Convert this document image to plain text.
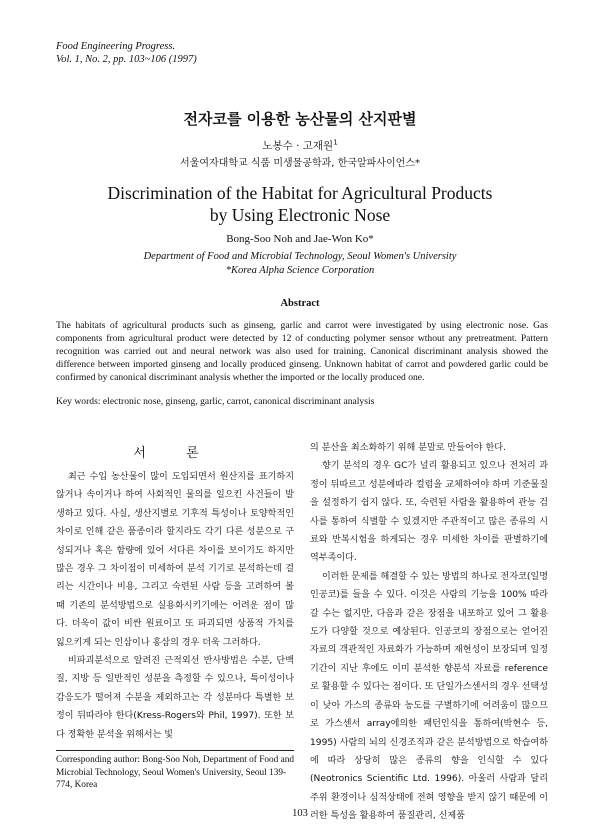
Food Engineering Progress.
Vol. 1, No. 2, pp. 103~106 (1997)
전자코를 이용한 농산물의 산지판별
노봉수 · 고재원$^1$
서울여자대학교 식품 미생물공학과, 한국알파사이언스*
Discrimination of the Habitat for Agricultural Products
by Using Electronic Nose
Bong-Soo Noh and Jae-Won Ko*
Department of Food and Microbial Technology, Seoul Women's University
*Korea Alpha Science Corporation
Abstract

The habitats of agricultural products such as ginseng, garlic and carrot were investigated by using electronic nose. Gas components from agricultural product were detected by 12 of conducting polymer sensor wthout any pretreatment. Pattern recognition was carried out and neural network was also used for training. Canonical discriminant analysis showed the difference between imported ginseng and locally produced ginseng. Unknown habitat of carrot and powdered garlic could be confirmed by canonical discriminant analysis whether the imported or the locally produced one.

Key words: electronic nose, ginseng, garlic, carrot, canonical discriminant analysis

서 론

최근 수입 농산물이 많이 도입되면서 원산지를 표기하지 않거나 속이거나 하여 사회적인 물의를 일으킨 사건들이 발생하고 있다. 사실, 생산지별로 기후적 특성이나 토양학적인 차이로 인해 같은 품종이라 할지라도 각기 다른 성분으로 구성되거나 혹은 함량에 있어 서다른 차이를 보이기도 하지만 많은 경우 그 차이점이 미세하여 분석 기기로 분석하는데 걸리는 시간이나 비용, 그리고 숙련된 사람 등을 고려하여 볼 때 기존의 분석방법으로 실용화시키기에는 어려운 점이 많다. 더욱이 값이 비싼 원료이고 또 파괴되면 상품적 가치를 잃으키게 되는 인삼이나 홍삼의 경우 더욱 그러하다.

비파괴분석으로 알려진 근적외선 반사방법은 수분, 단백질, 지방 등 일반적인 성분을 측정할 수 있으나, 특이성이나 감응도가 떨어져 수분을 제외하고는 각 성분마다 특별한 보정이 뒤따라야 한다(Kress-Rogers와 Phil, 1997). 또한 보다 정확한 분석을 위해서는 빛

의 분산을 최소화하기 위해 분말로 만들어야 한다.

향기 분석의 경우 GC가 널리 활용되고 있으나 전처리 과정이 뒤따르고 성분에따라 컬럼을 교체하여야 하며 기준물질을 설정하기 쉽지 않다. 또, 숙련된 사람을 활용하여 관능 검사를 통하여 식별할 수 있겠지만 주관적이고 많은 종류의 시료와 반복시험을 하게되는 경우 미세한 차이를 판별하기에 역부족이다.

이러한 문제를 해결할 수 있는 방법의 하나로 전자코(일명 인공코)를 들을 수 있다. 이것은 사람의 기능을 100% 따라 갈 수는 없지만, 다음과 같은 장점을 내포하고 있어 그 활용도가 다양할 것으로 예상된다. 인공코의 장점으로는 얻어진 자료의 객관적인 자료화가 가능하며 재현성이 보장되며 일정 기간이 지난 후에도 이미 분석한 향분석 자료를 reference로 활용할 수 있다는 점이다. 또 단일가스센서의 경우 선택성이 낮아 가스의 종류와 농도를 구별하기에 어려움이 많으므로 가스센서 array에의한 패턴인식을 통하여(박현수 등, 1995) 사람의 뇌의 신경조직과 같은 분석방법으로 학습여하에 따라 상당히 많은 종류의 향을 인식할 수 있다(Neotronics Scientific Ltd. 1996). 아울러 사람과 달리 주위 환경이나 심적상태에 전혀 영향을 받지 않기 때문에 이러한 특성을 활용하여 품질관리, 신제품

Corresponding author: Bong-Soo Noh, Department of Food and Microbial Technology, Seoul Women's University, Seoul 139-774, Korea

103
